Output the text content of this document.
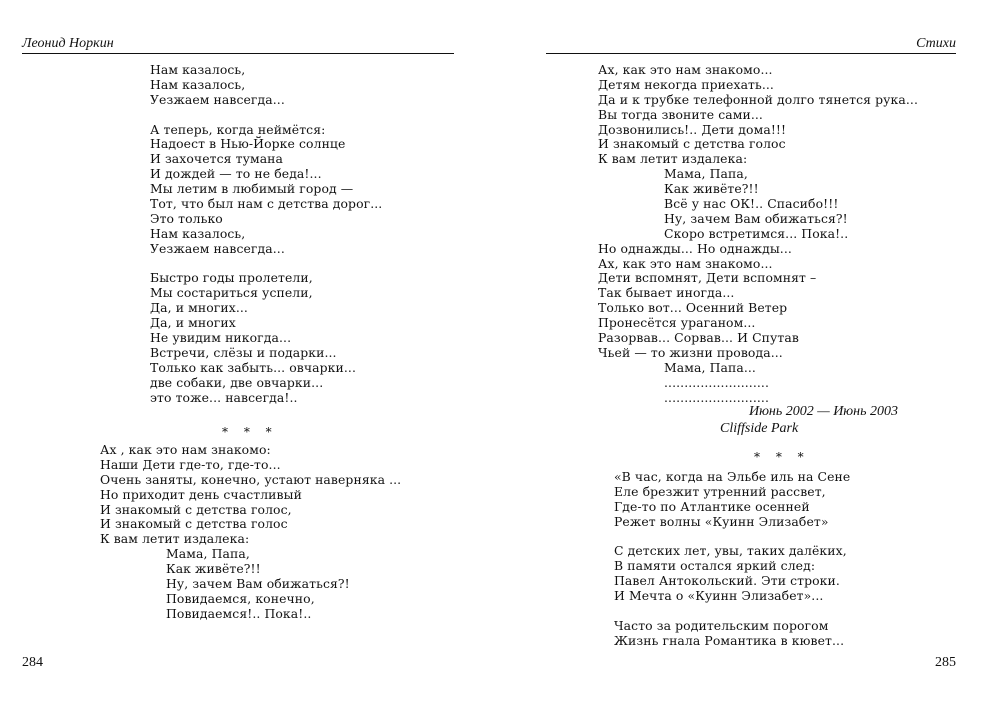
Леонид Норкин
Нам казалось,
Нам казалось,
Уезжаем навсегда...
А теперь, когда неймётся:
Надоест в Нью-Йорке солнце
И захочется тумана
И дождей — то не беда!...
Мы летим в любимый город —
Тот, что был нам с детства дорог...
Это только
Нам казалось,
Уезжаем навсегда...
Быстро годы пролетели,
Мы состариться успели,
Да, и многих...
Да, и многих
Не увидим никогда...
Встречи, слёзы и подарки...
Только как забыть... овчарки...
две собаки, две овчарки...
это тоже... навсегда!..
* * *
Ах , как это нам знакомо:
Наши Дети где-то, где-то...
Очень заняты, конечно, устают наверняка ...
Но приходит день счастливый
И знакомый с детства голос,
И знакомый с детства голос
К вам летит издалека:
Мама, Папа,
Как живёте?!!
Ну, зачем Вам обижаться?!
Повидаемся, конечно,
Повидаемся!.. Пока!..
284
Стихи
Ах, как это нам знакомо...
Детям некогда приехать...
Да и к трубке телефонной долго тянется рука...
Вы тогда звоните сами...
Дозвонились!.. Дети дома!!!
И знакомый с детства голос
К вам летит издалека:
Мама, Папа,
Как живёте?!!
Всё у нас ОК!.. Спасибо!!!
Ну, зачем Вам обижаться?!
Скоро встретимся... Пока!..
Но однажды... Но однажды...
Ах, как это нам знакомо...
Дети вспомнят, Дети вспомнят –
Так бывает иногда...
Только вот... Осенний Ветер
Пронесётся ураганом...
Разорвав... Сорвав... И Спутав
Чьей — то жизни провода...
Мама, Папа...
..........................
..........................
Июнь 2002 — Июнь 2003
Cliffside Park
* * *
«В час, когда на Эльбе иль на Сене
Еле брезжит утренний рассвет,
Где-то по Атлантике осенней
Режет волны «Куинн Элизабет»
С детских лет, увы, таких далёких,
В памяти остался яркий след:
Павел Антокольский. Эти строки.
И Мечта о «Куинн Элизабет»...
Часто за родительским порогом
Жизнь гнала Романтика в кювет...
285
